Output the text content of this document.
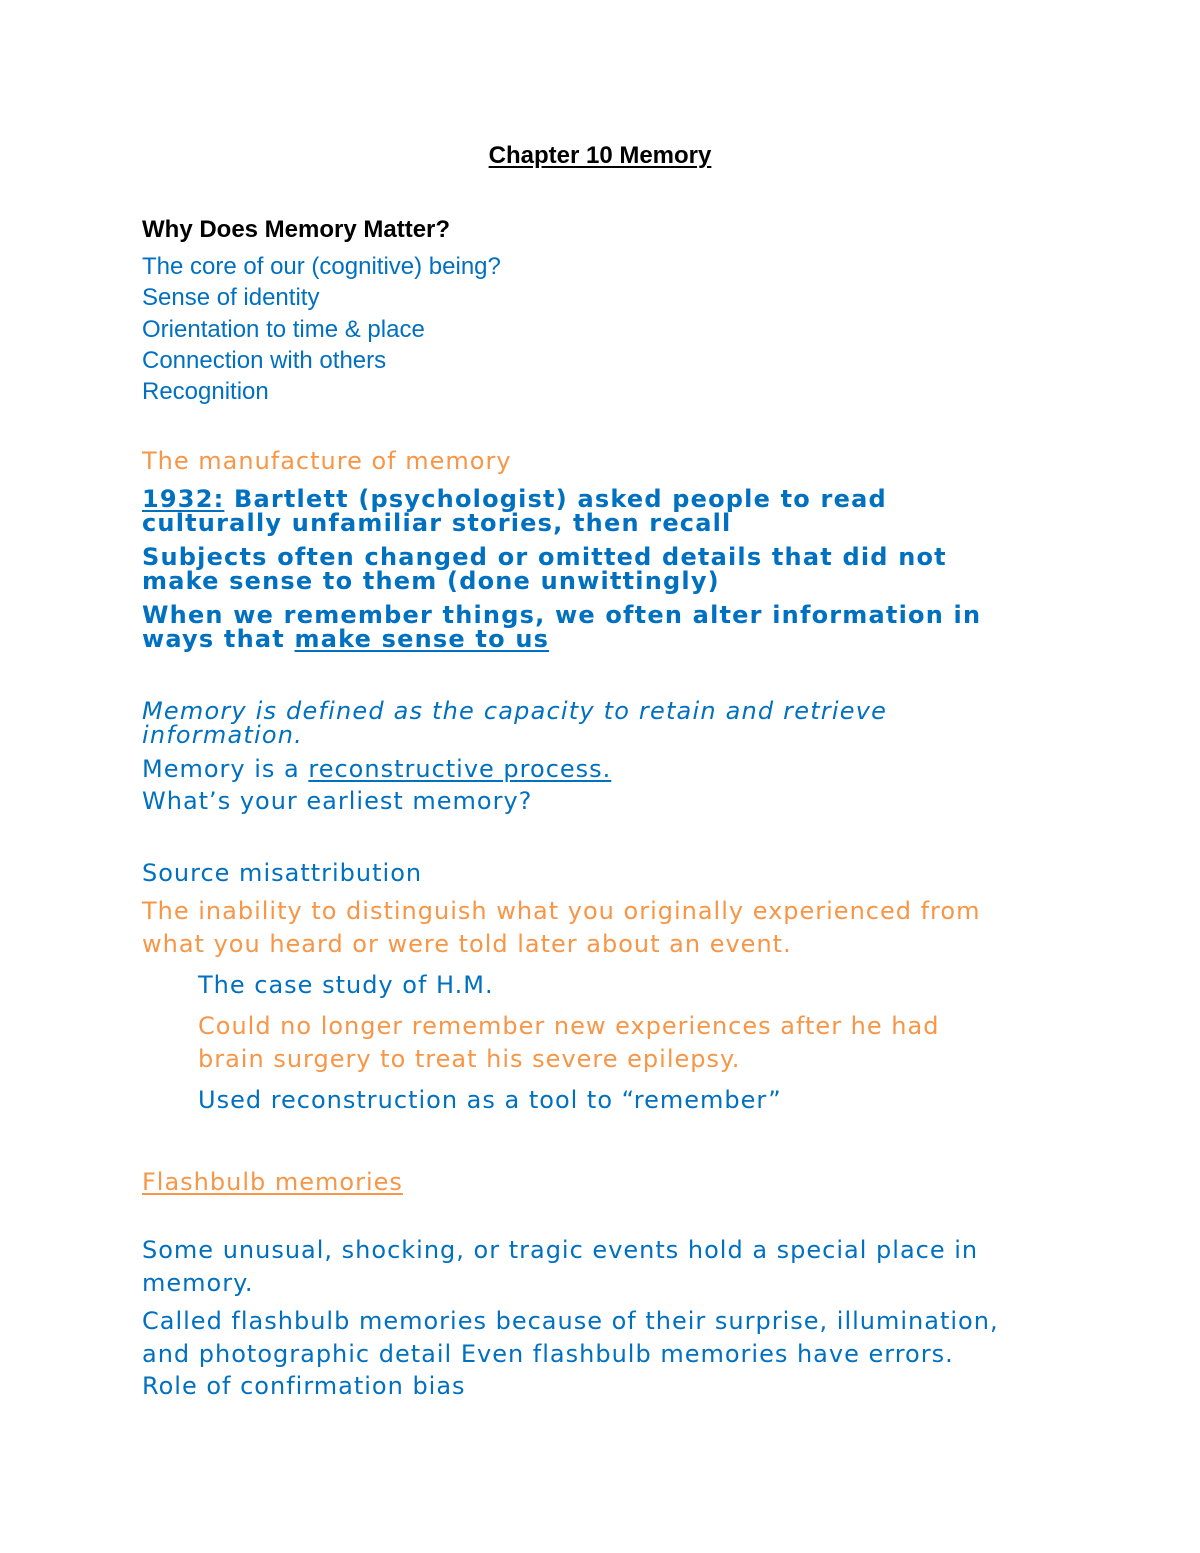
Chapter 10 Memory

Why Does Memory Matter?

The core of our (cognitive) being?

Sense of identity

Orientation to time & place

Connection with others

Recognition

The manufacture of memory

1932: Bartlett (psychologist) asked people to read

culturally unfamiliar stories, then recall

Subjects often changed or omitted details that did not

make sense to them (done unwittingly)

When we remember things, we often alter information in

ways that make sense to us

Memory is defined as the capacity to retain and retrieve

information.

Memory is a reconstructive process.

What’s your earliest memory?

Source misattribution

The inability to distinguish what you originally experienced from

what you heard or were told later about an event.

The case study of H.M.

Could no longer remember new experiences after he had

brain surgery to treat his severe epilepsy.

Used reconstruction as a tool to “remember”

Flashbulb memories

Some unusual, shocking, or tragic events hold a special place in

memory.

Called flashbulb memories because of their surprise, illumination,

and photographic detail Even flashbulb memories have errors.

Role of confirmation bias
